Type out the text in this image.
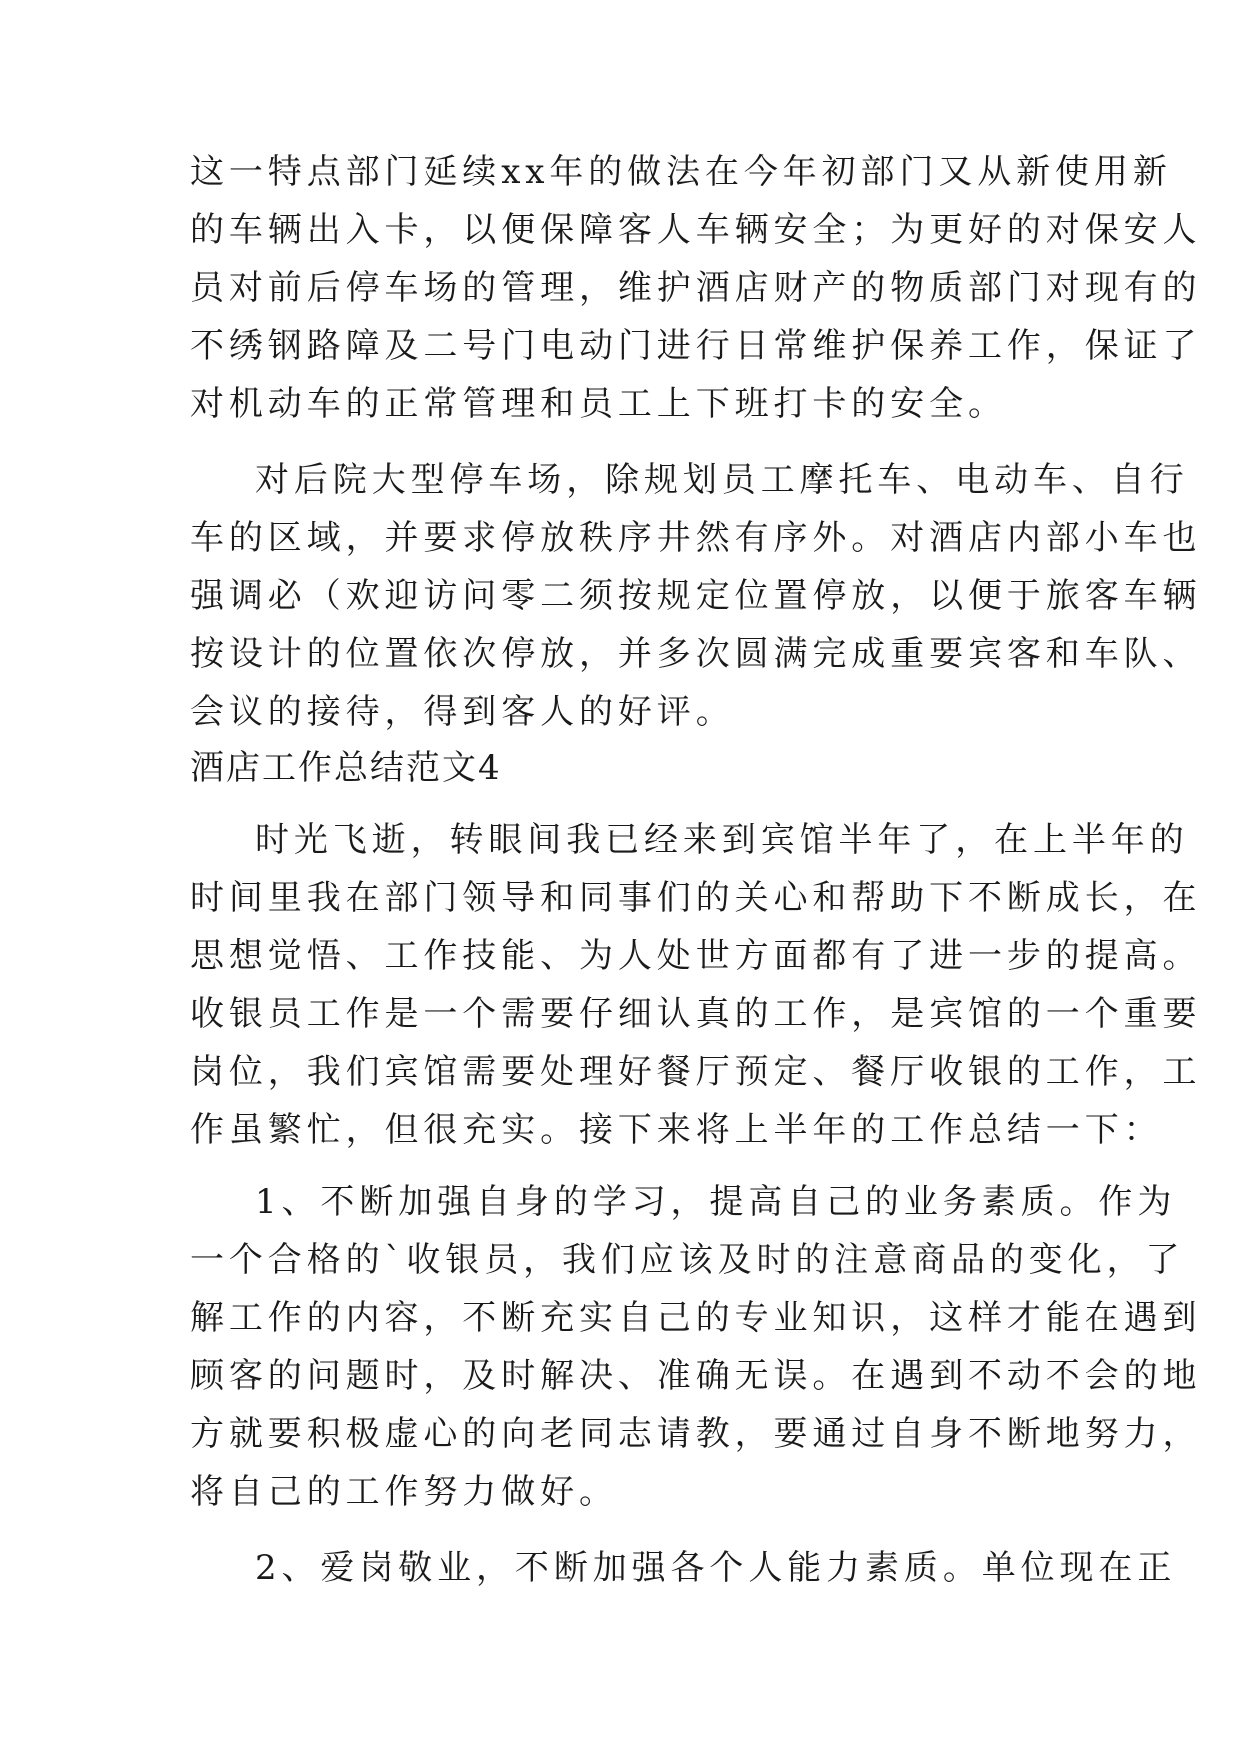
这一特点部门延续xx年的做法在今年初部门又从新使用新
的车辆出入卡，以便保障客人车辆安全；为更好的对保安人
员对前后停车场的管理，维护酒店财产的物质部门对现有的
不绣钢路障及二号门电动门进行日常维护保养工作，保证了
对机动车的正常管理和员工上下班打卡的安全。
对后院大型停车场，除规划员工摩托车、电动车、自行
车的区域，并要求停放秩序井然有序外。对酒店内部小车也
强调必（欢迎访问零二须按规定位置停放，以便于旅客车辆
按设计的位置依次停放，并多次圆满完成重要宾客和车队、
会议的接待，得到客人的好评。
酒店工作总结范文4
时光飞逝，转眼间我已经来到宾馆半年了，在上半年的
时间里我在部门领导和同事们的关心和帮助下不断成长，在
思想觉悟、工作技能、为人处世方面都有了进一步的提高。
收银员工作是一个需要仔细认真的工作，是宾馆的一个重要
岗位，我们宾馆需要处理好餐厅预定、餐厅收银的工作，工
作虽繁忙，但很充实。接下来将上半年的工作总结一下：
1、不断加强自身的学习，提高自己的业务素质。作为
一个合格的`收银员，我们应该及时的注意商品的变化，了
解工作的内容，不断充实自己的专业知识，这样才能在遇到
顾客的问题时，及时解决、准确无误。在遇到不动不会的地
方就要积极虚心的向老同志请教，要通过自身不断地努力，
将自己的工作努力做好。
2、爱岗敬业，不断加强各个人能力素质。单位现在正
